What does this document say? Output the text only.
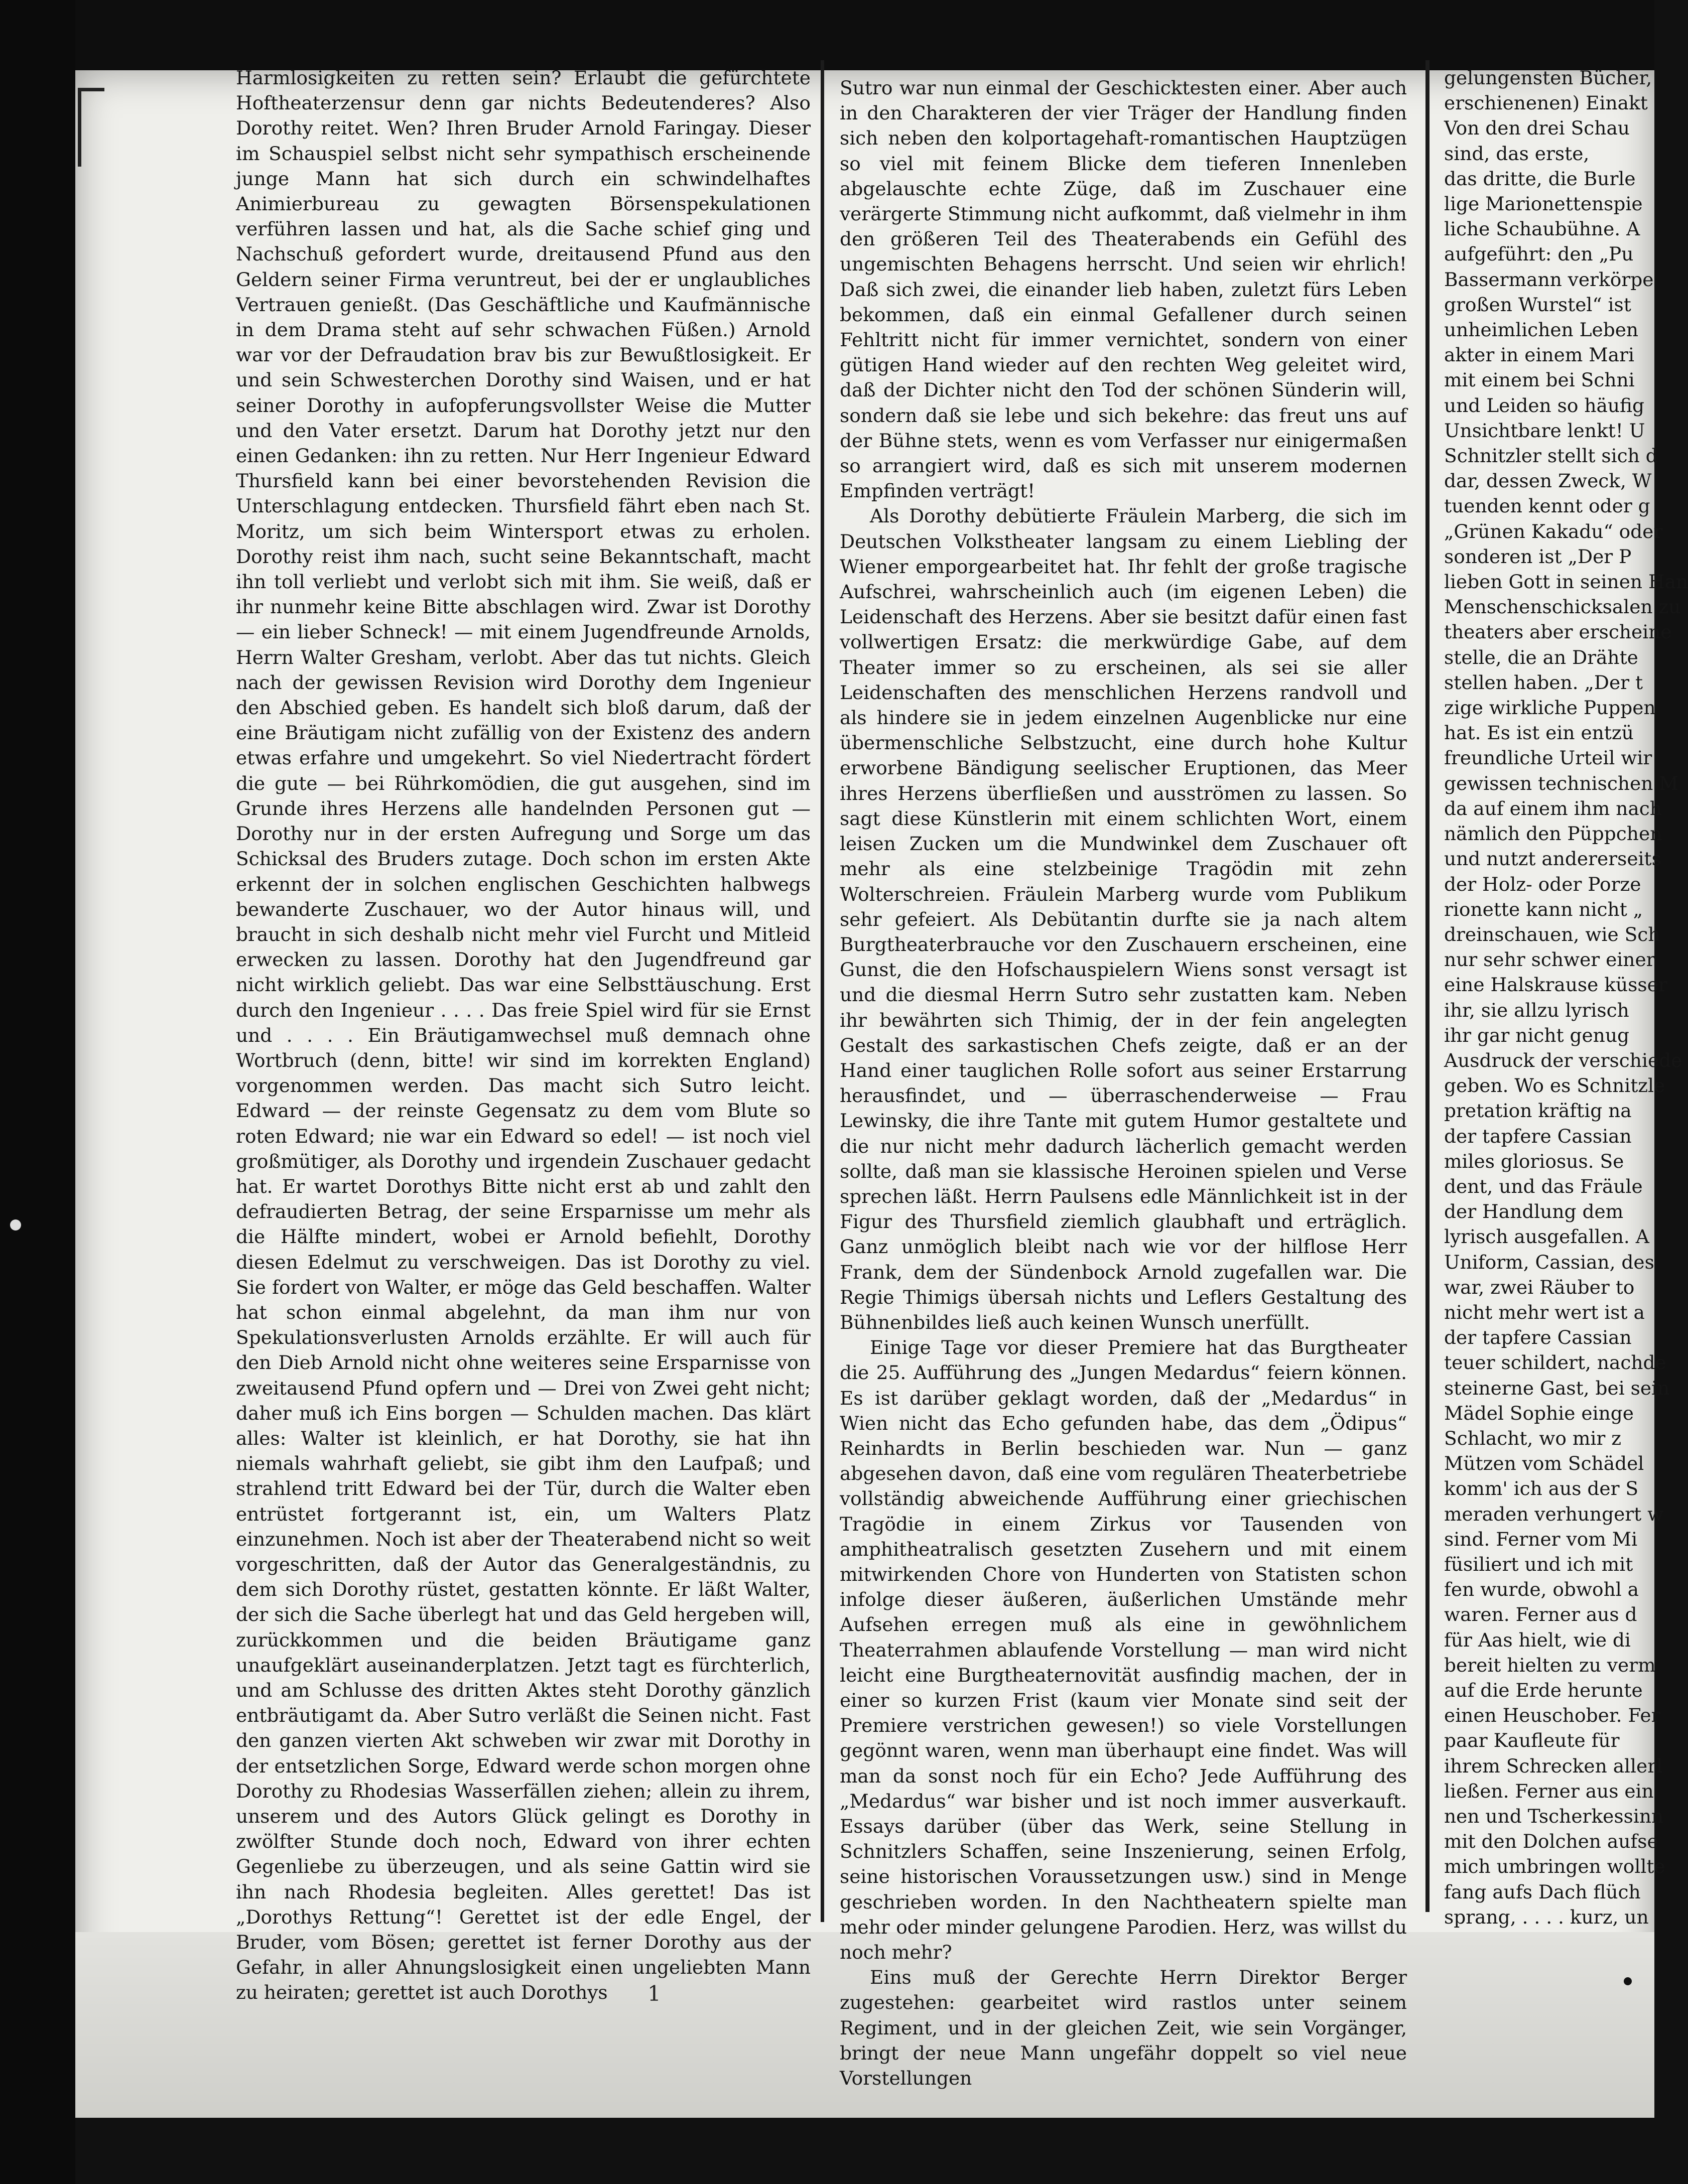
Harmlosigkeiten zu retten sein? Erlaubt die gefürchtete Hoftheaterzensur denn gar nichts Bedeutenderes? Also Dorothy reitet. Wen? Ihren Bruder Arnold Faringay. Dieser im Schauspiel selbst nicht sehr sympathisch erscheinende junge Mann hat sich durch ein schwindelhaftes Animierbureau zu gewagten Börsenspekulationen verführen lassen und hat, als die Sache schief ging und Nachschuß gefordert wurde, dreitausend Pfund aus den Geldern seiner Firma veruntreut, bei der er unglaubliches Vertrauen genießt. (Das Geschäftliche und Kaufmännische in dem Drama steht auf sehr schwachen Füßen.) Arnold war vor der Defraudation brav bis zur Bewußtlosigkeit. Er und sein Schwesterchen Dorothy sind Waisen, und er hat seiner Dorothy in aufopferungsvollster Weise die Mutter und den Vater ersetzt. Darum hat Dorothy jetzt nur den einen Gedanken: ihn zu retten. Nur Herr Ingenieur Edward Thursfield kann bei einer bevorstehenden Revision die Unterschlagung entdecken. Thursfield fährt eben nach St. Moritz, um sich beim Wintersport etwas zu erholen. Dorothy reist ihm nach, sucht seine Bekanntschaft, macht ihn toll verliebt und verlobt sich mit ihm. Sie weiß, daß er ihr nunmehr keine Bitte abschlagen wird. Zwar ist Dorothy — ein lieber Schneck! — mit einem Jugendfreunde Arnolds, Herrn Walter Gresham, verlobt. Aber das tut nichts. Gleich nach der gewissen Revision wird Dorothy dem Ingenieur den Abschied geben. Es handelt sich bloß darum, daß der eine Bräutigam nicht zufällig von der Existenz des andern etwas erfahre und umgekehrt. So viel Niedertracht fördert die gute — bei Rührkomödien, die gut ausgehen, sind im Grunde ihres Herzens alle handelnden Personen gut — Dorothy nur in der ersten Aufregung und Sorge um das Schicksal des Bruders zutage. Doch schon im ersten Akte erkennt der in solchen englischen Geschichten halbwegs bewanderte Zuschauer, wo der Autor hinaus will, und braucht in sich deshalb nicht mehr viel Furcht und Mitleid erwecken zu lassen. Dorothy hat den Jugendfreund gar nicht wirklich geliebt. Das war eine Selbsttäuschung. Erst durch den Ingenieur . . . . Das freie Spiel wird für sie Ernst und . . . . Ein Bräutigamwechsel muß demnach ohne Wortbruch (denn, bitte! wir sind im korrekten England) vorgenommen werden. Das macht sich Sutro leicht. Edward — der reinste Gegensatz zu dem vom Blute so roten Edward; nie war ein Edward so edel! — ist noch viel großmütiger, als Dorothy und irgendein Zuschauer gedacht hat. Er wartet Dorothys Bitte nicht erst ab und zahlt den defraudierten Betrag, der seine Ersparnisse um mehr als die Hälfte mindert, wobei er Arnold befiehlt, Dorothy diesen Edelmut zu verschweigen. Das ist Dorothy zu viel. Sie fordert von Walter, er möge das Geld beschaffen. Walter hat schon einmal abgelehnt, da man ihm nur von Spekulationsverlusten Arnolds erzählte. Er will auch für den Dieb Arnold nicht ohne weiteres seine Ersparnisse von zweitausend Pfund opfern und — Drei von Zwei geht nicht; daher muß ich Eins borgen — Schulden machen. Das klärt alles: Walter ist kleinlich, er hat Dorothy, sie hat ihn niemals wahrhaft geliebt, sie gibt ihm den Laufpaß; und strahlend tritt Edward bei der Tür, durch die Walter eben entrüstet fortgerannt ist, ein, um Walters Platz einzunehmen. Noch ist aber der Theaterabend nicht so weit vorgeschritten, daß der Autor das Generalgeständnis, zu dem sich Dorothy rüstet, gestatten könnte. Er läßt Walter, der sich die Sache überlegt hat und das Geld hergeben will, zurückkommen und die beiden Bräutigame ganz unaufgeklärt auseinanderplatzen. Jetzt tagt es fürchterlich, und am Schlusse des dritten Aktes steht Dorothy gänzlich entbräutigamt da. Aber Sutro verläßt die Seinen nicht. Fast den ganzen vierten Akt schweben wir zwar mit Dorothy in der entsetzlichen Sorge, Edward werde schon morgen ohne Dorothy zu Rhodesias Wasserfällen ziehen; allein zu ihrem, unserem und des Autors Glück gelingt es Dorothy in zwölfter Stunde doch noch, Edward von ihrer echten Gegenliebe zu überzeugen, und als seine Gattin wird sie ihn nach Rhodesia begleiten. Alles gerettet! Das ist „Dorothys Rettung“! Gerettet ist der edle Engel, der Bruder, vom Bösen; gerettet ist ferner Dorothy aus der Gefahr, in aller Ahnungslosigkeit einen ungeliebten Mann zu heiraten; gerettet ist auch Dorothys

Sutro war nun einmal der Geschicktesten einer. Aber auch in den Charakteren der vier Träger der Handlung finden sich neben den kolportagehaft-romantischen Hauptzügen so viel mit feinem Blicke dem tieferen Innenleben abgelauschte echte Züge, daß im Zuschauer eine verärgerte Stimmung nicht aufkommt, daß vielmehr in ihm den größeren Teil des Theaterabends ein Gefühl des ungemischten Behagens herrscht. Und seien wir ehrlich! Daß sich zwei, die einander lieb haben, zuletzt fürs Leben bekommen, daß ein einmal Gefallener durch seinen Fehltritt nicht für immer vernichtet, sondern von einer gütigen Hand wieder auf den rechten Weg geleitet wird, daß der Dichter nicht den Tod der schönen Sünderin will, sondern daß sie lebe und sich bekehre: das freut uns auf der Bühne stets, wenn es vom Verfasser nur einigermaßen so arrangiert wird, daß es sich mit unserem modernen Empfinden verträgt!

Als Dorothy debütierte Fräulein Marberg, die sich im Deutschen Volkstheater langsam zu einem Liebling der Wiener emporgearbeitet hat. Ihr fehlt der große tragische Aufschrei, wahrscheinlich auch (im eigenen Leben) die Leidenschaft des Herzens. Aber sie besitzt dafür einen fast vollwertigen Ersatz: die merkwürdige Gabe, auf dem Theater immer so zu erscheinen, als sei sie aller Leidenschaften des menschlichen Herzens randvoll und als hindere sie in jedem einzelnen Augenblicke nur eine übermenschliche Selbstzucht, eine durch hohe Kultur erworbene Bändigung seelischer Eruptionen, das Meer ihres Herzens überfließen und ausströmen zu lassen. So sagt diese Künstlerin mit einem schlichten Wort, einem leisen Zucken um die Mundwinkel dem Zuschauer oft mehr als eine stelzbeinige Tragödin mit zehn Wolterschreien. Fräulein Marberg wurde vom Publikum sehr gefeiert. Als Debütantin durfte sie ja nach altem Burgtheaterbrauche vor den Zuschauern erscheinen, eine Gunst, die den Hofschauspielern Wiens sonst versagt ist und die diesmal Herrn Sutro sehr zustatten kam. Neben ihr bewährten sich Thimig, der in der fein angelegten Gestalt des sarkastischen Chefs zeigte, daß er an der Hand einer tauglichen Rolle sofort aus seiner Erstarrung herausfindet, und — überraschenderweise — Frau Lewinsky, die ihre Tante mit gutem Humor gestaltete und die nur nicht mehr dadurch lächerlich gemacht werden sollte, daß man sie klassische Heroinen spielen und Verse sprechen läßt. Herrn Paulsens edle Männlichkeit ist in der Figur des Thursfield ziemlich glaubhaft und erträglich. Ganz unmöglich bleibt nach wie vor der hilflose Herr Frank, dem der Sündenbock Arnold zugefallen war. Die Regie Thimigs übersah nichts und Leflers Gestaltung des Bühnenbildes ließ auch keinen Wunsch unerfüllt.

Einige Tage vor dieser Premiere hat das Burgtheater die 25. Aufführung des „Jungen Medardus“ feiern können. Es ist darüber geklagt worden, daß der „Medardus“ in Wien nicht das Echo gefunden habe, das dem „Ödipus“ Reinhardts in Berlin beschieden war. Nun — ganz abgesehen davon, daß eine vom regulären Theaterbetriebe vollständig abweichende Aufführung einer griechischen Tragödie in einem Zirkus vor Tausenden von amphitheatralisch gesetzten Zusehern und mit einem mitwirkenden Chore von Hunderten von Statisten schon infolge dieser äußeren, äußerlichen Umstände mehr Aufsehen erregen muß als eine in gewöhnlichem Theaterrahmen ablaufende Vorstellung — man wird nicht leicht eine Burgtheaternovität ausfindig machen, der in einer so kurzen Frist (kaum vier Monate sind seit der Premiere verstrichen gewesen!) so viele Vorstellungen gegönnt waren, wenn man überhaupt eine findet. Was will man da sonst noch für ein Echo? Jede Aufführung des „Medardus“ war bisher und ist noch immer ausverkauft. Essays darüber (über das Werk, seine Stellung in Schnitzlers Schaffen, seine Inszenierung, seinen Erfolg, seine historischen Voraussetzungen usw.) sind in Menge geschrieben worden. In den Nachtheatern spielte man mehr oder minder gelungene Parodien. Herz, was willst du noch mehr?

Eins muß der Gerechte Herrn Direktor Berger zugestehen: gearbeitet wird rastlos unter seinem Regiment, und in der gleichen Zeit, wie sein Vorgänger, bringt der neue Mann ungefähr doppelt so viel neue Vorstellungen

gelungensten Bücher,
erschienenen) Einakt
Von den drei Schau
sind, das erste,
das dritte, die Burle
lige Marionettenspie
liche Schaubühne. A
aufgeführt: den „Pu
Bassermann verkörpe
großen Wurstel“ ist
unheimlichen Leben
akter in einem Mari
mit einem bei Schni
und Leiden so häufig
Unsichtbare lenkt! U
Schnitzler stellt sich d
dar, dessen Zweck, W
tuenden kennt oder g
„Grünen Kakadu“ oder
sonderen ist „Der P
lieben Gott in seinen Han
Menschenschicksalen zu
theaters aber erscheine
stelle, die an Drähte
stellen haben. „Der t
zige wirkliche Puppen
hat. Es ist ein entzü
freundliche Urteil wir
gewissen technischen M
da auf einem ihm nach
nämlich den Püppchen
und nutzt andererseits
der Holz- oder Porze
rionette kann nicht „
dreinschauen, wie Sch
nur sehr schwer einer
eine Halskrause küsser
ihr, sie allzu lyrisch
ihr gar nicht genug
Ausdruck der verschiede
geben. Wo es Schnitzle
pretation kräftig na
der tapfere Cassian
miles gloriosus. Se
dent, und das Fräule
der Handlung dem
lyrisch ausgefallen. A
Uniform, Cassian, des
war, zwei Räuber to
nicht mehr wert ist a
der tapfere Cassian
teuer schildert, nachde
steinerne Gast, bei sein
Mädel Sophie einge
Schlacht, wo mir z
Mützen vom Schädel
komm' ich aus der S
meraden verhungert w
sind. Ferner vom Mi
füsiliert und ich mit
fen wurde, obwohl a
waren. Ferner aus d
für Aas hielt, wie di
bereit hielten zu verm
auf die Erde herunte
einen Heuschober. Fer
paar Kaufleute für
ihrem Schrecken allerl
ließen. Ferner aus ein
nen und Tscherkessinn
mit den Dolchen aufse
mich umbringen wollte
fang aufs Dach flüch
sprang, . . . . kurz, un
1
